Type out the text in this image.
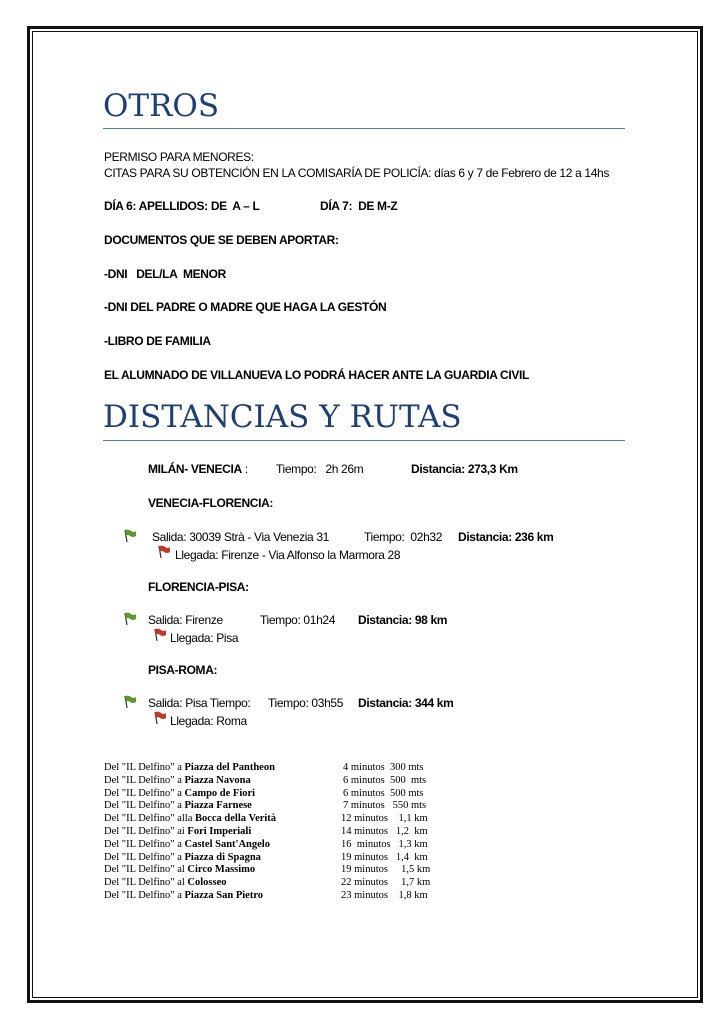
OTROS
PERMISO PARA MENORES:
CITAS PARA SU OBTENCIÓN EN LA COMISARÍA DE POLICÍA: días 6 y 7 de Febrero de 12 a 14hs
DÍA 6: APELLIDOS: DE  A – L	DÍA 7:  DE M-Z
DOCUMENTOS QUE SE DEBEN APORTAR:
-DNI   DEL/LA  MENOR
-DNI DEL PADRE O MADRE QUE HAGA LA GESTÓN
-LIBRO DE FAMILIA
EL ALUMNADO DE VILLANUEVA LO PODRÁ HACER ANTE LA GUARDIA CIVIL
DISTANCIAS Y RUTAS
MILÁN- VENECIA : Tiempo:   2h 26m	Distancia: 273,3 Km
VENECIA-FLORENCIA:
Salida: 30039 Strà - Via Venezia 31	Tiempo:  02h32 Distancia: 236 km
Llegada: Firenze - Via Alfonso la Marmora 28
FLORENCIA-PISA:
Salida: Firenze	Tiempo: 01h24 Distancia: 98 km
Llegada: Pisa
PISA-ROMA:
Salida: Pisa Tiempo: Tiempo: 03h55 Distancia: 344 km
Llegada: Roma
Del "IL Delfino" a Piazza del Pantheon	4 minutos  300 mts
Del "IL Delfino" a Piazza Navona	6 minutos  500  mts
Del "IL Delfino" a Campo de Fiori	6 minutos  500 mts
Del "IL Delfino" a Piazza Farnese	7 minutos   550 mts
Del "IL Delfino" alla Bocca della Verità	12 minutos    1,1 km
Del "IL Delfino" ai Fori Imperiali	14 minutos   1,2  km
Del "IL Delfino" a Castel Sant'Angelo	16  minutos   1,3 km
Del "IL Delfino" a Piazza di Spagna	19 minutos   1,4  km
Del "IL Delfino" al Circo Massimo	19 minutos     1,5 km
Del "IL Delfino" al Colosseo	22 minutos     1,7 km
Del "IL Delfino" a Piazza San Pietro	23 minutos    1,8 km
